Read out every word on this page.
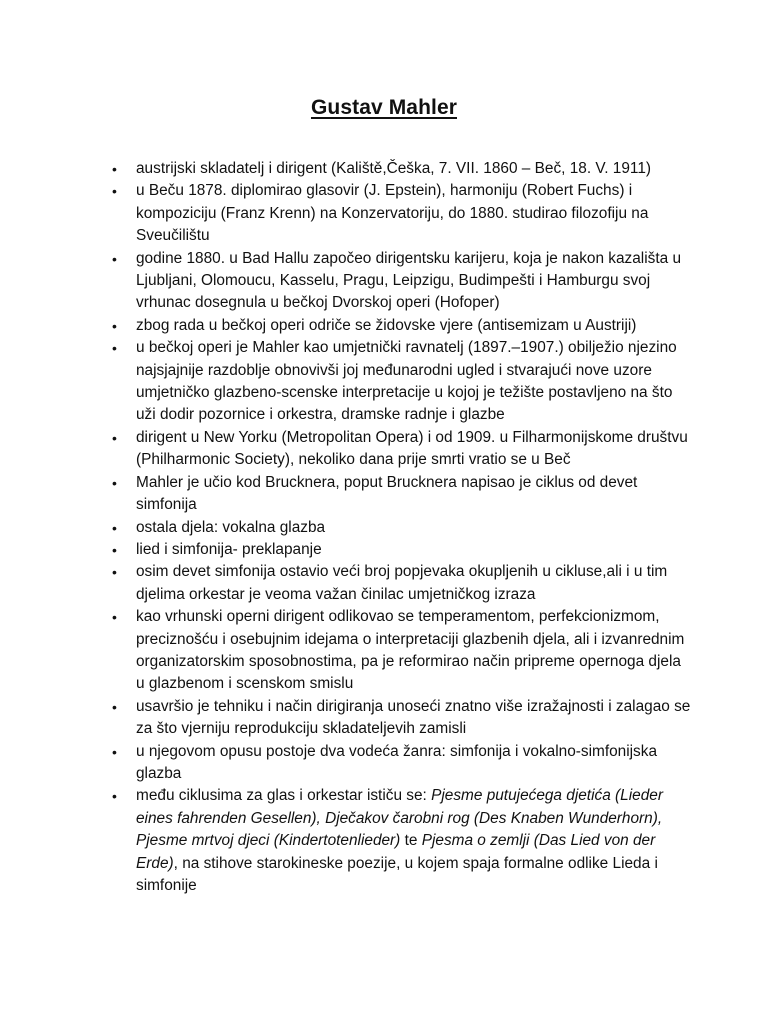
Gustav Mahler
• austrijski skladatelj i dirigent (Kaliště,Češka, 7. VII. 1860 – Beč, 18. V. 1911)
• u Beču 1878. diplomirao glasovir (J. Epstein), harmoniju (Robert Fuchs) i kompoziciju (Franz Krenn) na Konzervatoriju, do 1880. studirao filozofiju na Sveučilištu
• godine 1880. u Bad Hallu započeo dirigentsku karijeru, koja je nakon kazališta u Ljubljani, Olomoucu, Kasselu, Pragu, Leipzigu, Budimpešti i Hamburgu svoj vrhunac dosegnula u bečkoj Dvorskoj operi (Hofoper)
• zbog rada u bečkoj operi odriče se židovske vjere (antisemizam u Austriji)
• u bečkoj operi je Mahler kao umjetnički ravnatelj (1897.–1907.) obilježio njezino najsjajnije razdoblje obnovivši joj međunarodni ugled i stvarajući nove uzore umjetničko glazbeno-scenske interpretacije u kojoj je težište postavljeno na što uži dodir pozornice i orkestra, dramske radnje i glazbe
• dirigent u New Yorku (Metropolitan Opera) i od 1909. u Filharmonijskome društvu (Philharmonic Society), nekoliko dana prije smrti vratio se u Beč
• Mahler je učio kod Brucknera, poput Brucknera napisao je ciklus od devet simfonija
• ostala djela: vokalna glazba
• lied i simfonija- preklapanje
• osim devet simfonija ostavio veći broj popjevaka okupljenih u cikluse,ali i u tim djelima orkestar je veoma važan činilac umjetničkog izraza
• kao vrhunski operni dirigent odlikovao se temperamentom, perfekcionizmom, preciznošću i osebujnim idejama o interpretaciji glazbenih djela, ali i izvanrednim organizatorskim sposobnostima, pa je reformirao način pripreme opernoga djela u glazbenom i scenskom smislu
• usavršio je tehniku i način dirigiranja unoseći znatno više izražajnosti i zalagao se za što vjerniju reprodukciju skladateljevih zamisli
• u njegovom opusu postoje dva vodeća žanra: simfonija i vokalno-simfonijska glazba
• među ciklusima za glas i orkestar ističu se: Pjesme putujećega djetića (Lieder eines fahrenden Gesellen), Dječakov čarobni rog (Des Knaben Wunderhorn), Pjesme mrtvoj djeci (Kindertotenlieder) te Pjesma o zemlji (Das Lied von der Erde), na stihove starokineske poezije, u kojem spaja formalne odlike Lieda i simfonije
